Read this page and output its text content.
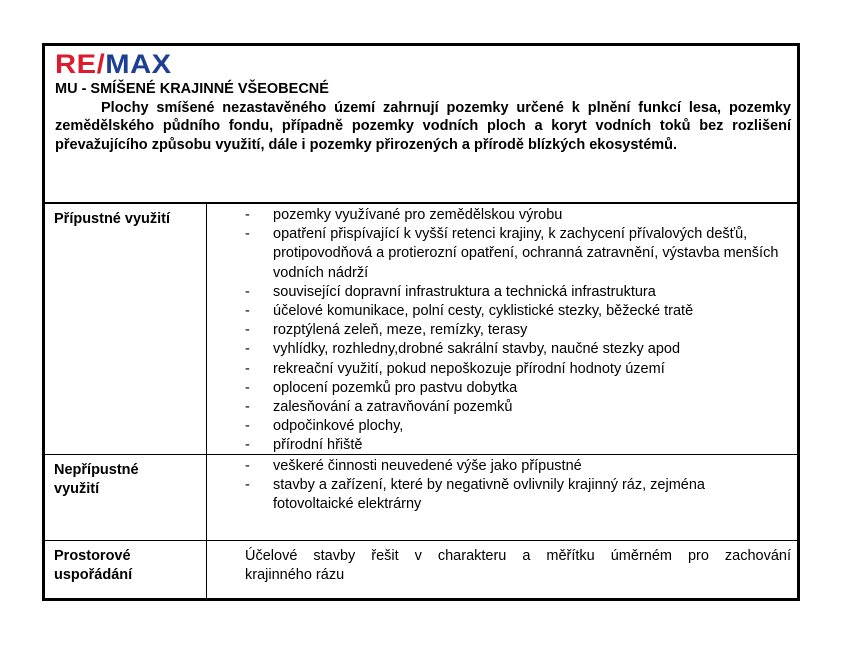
RE/MAX
MU - SMÍŠENÉ KRAJINNÉ VŠEOBECNÉ

Plochy smíšené nezastavěného území zahrnují pozemky určené k plnění funkcí lesa, pozemky zemědělského půdního fondu, případně pozemky vodních ploch a koryt vodních toků bez rozlišení převažujícího způsobu využití, dále i pozemky přirozených a přírodě blízkých ekosystémů.

Přípustné využití	- pozemky využívané pro zemědělskou výrobu
- opatření přispívající k vyšší retenci krajiny, k zachycení přívalových dešťů, protipovodňová a protierozní opatření, ochranná zatravnění, výstavba menších vodních nádrží
- související dopravní infrastruktura a technická infrastruktura
- účelové komunikace, polní cesty, cyklistické stezky, běžecké tratě
- rozptýlená zeleň, meze, remízky, terasy
- vyhlídky, rozhledny,drobné sakrální stavby, naučné stezky apod
- rekreační využití, pokud nepoškozuje přírodní hodnoty území
- oplocení pozemků pro pastvu dobytka
- zalesňování a zatravňování pozemků
- odpočinkové plochy,
- přírodní hřiště
Nepřípustné
využití
- veškeré činnosti neuvedené výše jako přípustné
- stavby a zařízení, které by negativně ovlivnily krajinný ráz, zejména fotovoltaické elektrárny
Prostorové
uspořádání

Účelové stavby řešit v charakteru a měřítku úměrném pro zachování
krajinného rázu
